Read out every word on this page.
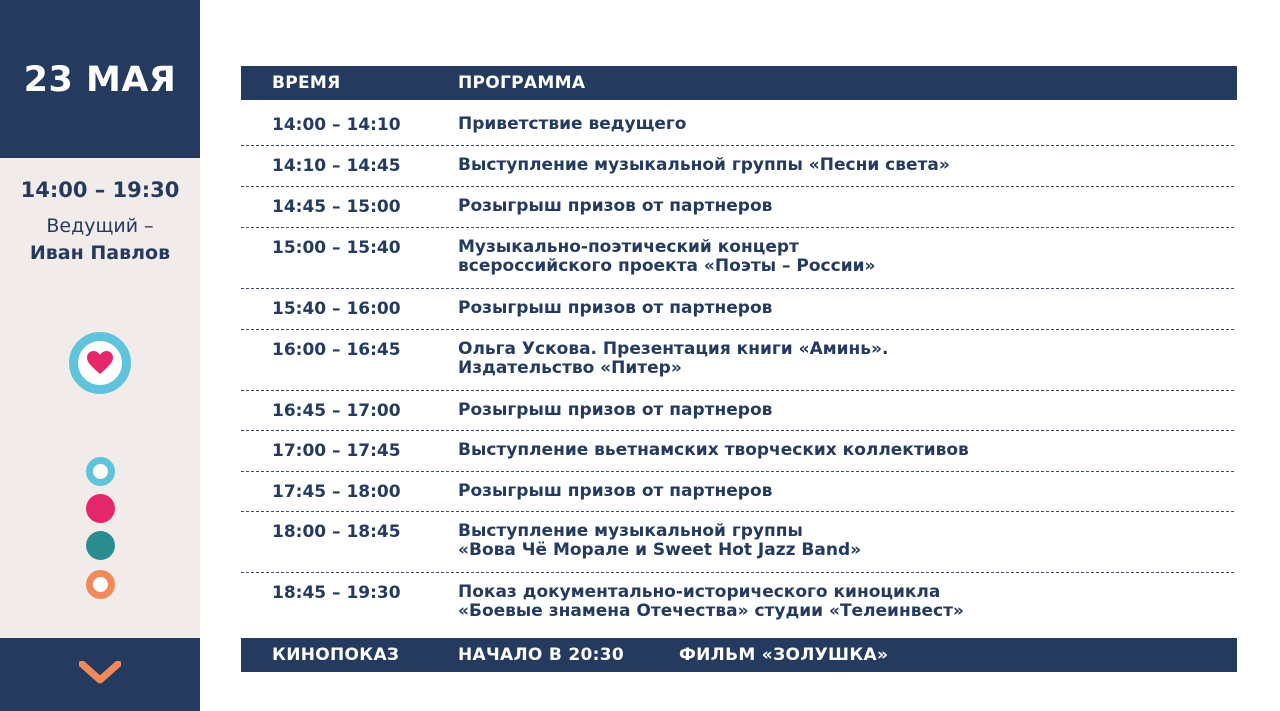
23 МАЯ
14:00 – 19:30
Ведущий –
Иван Павлов
ВРЕМЯ	ПРОГРАММА
14:00 – 14:10	Приветствие ведущего
14:10 – 14:45	Выступление музыкальной группы «Песни света»
14:45 – 15:00	Розыгрыш призов от партнеров
15:00 – 15:40	Музыкально-поэтический концерт
всероссийского проекта «Поэты – России»
15:40 – 16:00	Розыгрыш призов от партнеров
16:00 – 16:45	Ольга Ускова. Презентация книги «Аминь».
Издательство «Питер»
16:45 – 17:00	Розыгрыш призов от партнеров
17:00 – 17:45	Выступление вьетнамских творческих коллективов
17:45 – 18:00	Розыгрыш призов от партнеров
18:00 – 18:45	Выступление музыкальной группы
«Вова Чё Морале и Sweet Hot Jazz Band»
18:45 – 19:30	Показ документально-исторического киноцикла
«Боевые знамена Отечества» студии «Телеинвест»
КИНОПОКАЗ	НАЧАЛО В 20:30	ФИЛЬМ «ЗОЛУШКА»
